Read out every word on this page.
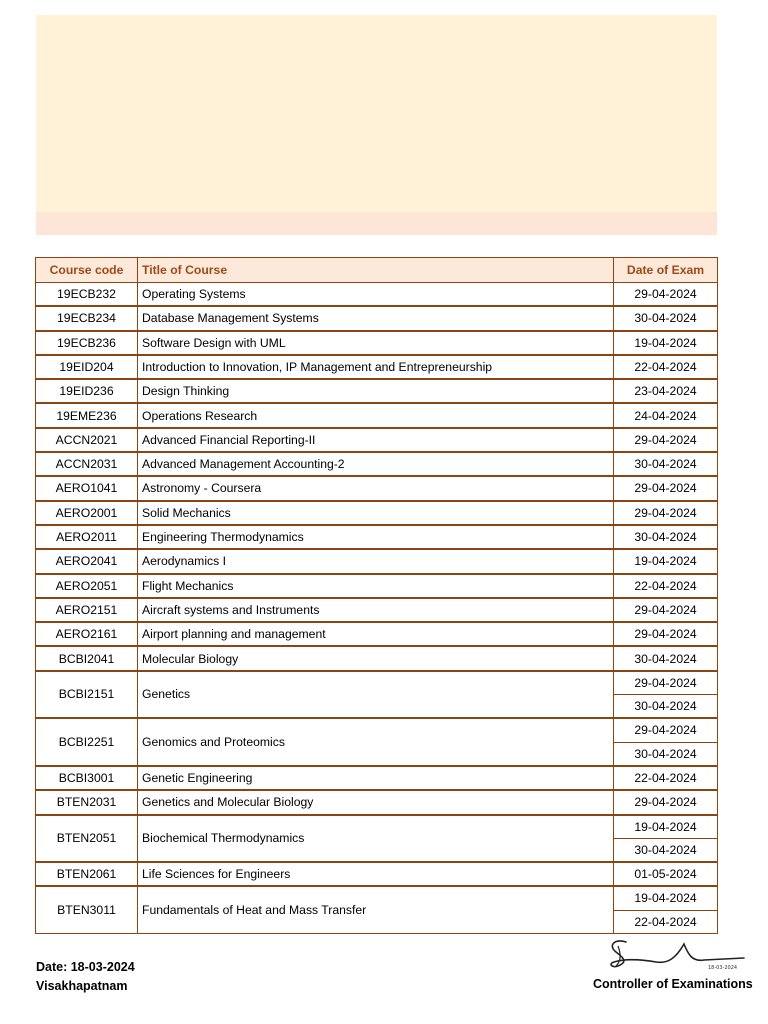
Course code	Title of Course	Date of Exam
19ECB232	Operating Systems	29-04-2024
19ECB234	Database Management Systems	30-04-2024
19ECB236	Software Design with UML	19-04-2024
19EID204	Introduction to Innovation, IP Management and Entrepreneurship	22-04-2024
19EID236	Design Thinking	23-04-2024
19EME236	Operations Research	24-04-2024
ACCN2021	Advanced Financial Reporting-II	29-04-2024
ACCN2031	Advanced Management Accounting-2	30-04-2024
AERO1041	Astronomy - Coursera	29-04-2024
AERO2001	Solid Mechanics	29-04-2024
AERO2011	Engineering Thermodynamics	30-04-2024
AERO2041	Aerodynamics I	19-04-2024
AERO2051	Flight Mechanics	22-04-2024
AERO2151	Aircraft systems and Instruments	29-04-2024
AERO2161	Airport planning and management	29-04-2024
BCBI2041	Molecular Biology	30-04-2024
BCBI2151	Genetics	29-04-2024
		30-04-2024
BCBI2251	Genomics and Proteomics	29-04-2024
		30-04-2024
BCBI3001	Genetic Engineering	22-04-2024
BTEN2031	Genetics and Molecular Biology	29-04-2024
BTEN2051	Biochemical Thermodynamics	19-04-2024
		30-04-2024
BTEN2061	Life Sciences for Engineers	01-05-2024
BTEN3011	Fundamentals of Heat and Mass Transfer	19-04-2024
		22-04-2024
Date: 18-03-2024
Visakhapatnam
18-03-2024
Controller of Examinations
